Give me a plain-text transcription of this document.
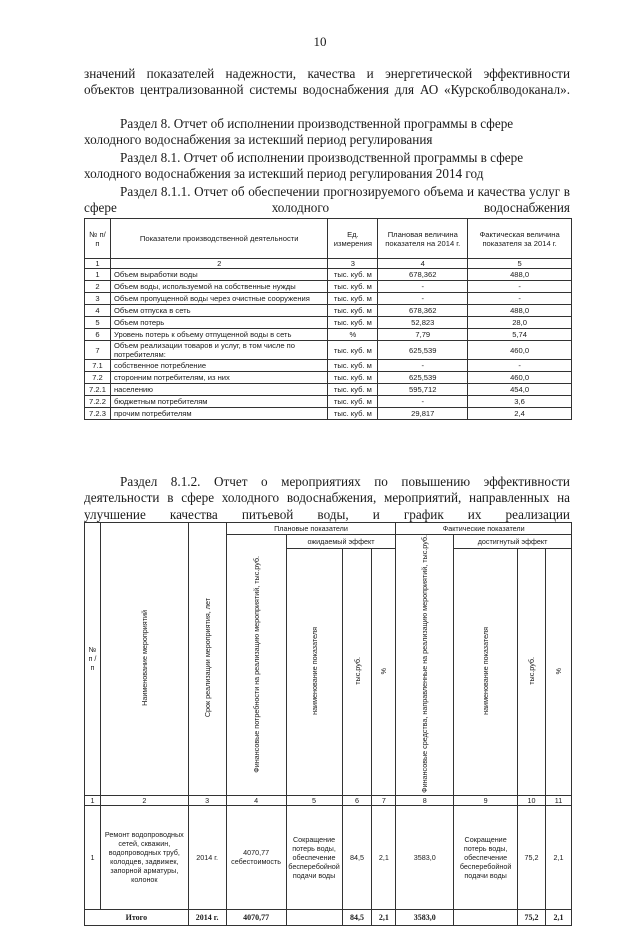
10

значений показателей надежности, качества и энергетической эффективности объектов централизованной системы водоснабжения для АО «Курскоблводоканал».

Раздел 8. Отчет об исполнении производственной программы в сфере холодного водоснабжения за истекший период регулирования

Раздел 8.1. Отчет об исполнении производственной программы в сфере холодного водоснабжения за истекший период регулирования 2014 год

Раздел 8.1.1. Отчет об обеспечении прогнозируемого объема и качества услуг в сфере холодного водоснабжения

№ п/п	Показатели производственной деятельности	Ед. измерения	Плановая величина показателя на 2014 г.	Фактическая величина показателя за 2014 г.
1	2	3	4	5
1	Объем выработки воды	тыс. куб. м	678,362	488,0
2	Объем воды, используемой на собственные нужды	тыс. куб. м	-	-
3	Объем пропущенной воды через очистные сооружения	тыс. куб. м	-	-
4	Объем отпуска в сеть	тыс. куб. м	678,362	488,0
5	Объем потерь	тыс. куб. м	52,823	28,0
6	Уровень потерь к объему отпущенной воды в сеть	%	7,79	5,74
7	Объем реализации товаров и услуг, в том числе по потребителям:	тыс. куб. м	625,539	460,0
7.1	собственное потребление	тыс. куб. м	-	-
7.2	сторонним потребителям, из них	тыс. куб. м	625,539	460,0
7.2.1	населению	тыс. куб. м	595,712	454,0
7.2.2	бюджетным потребителям	тыс. куб. м	-	3,6
7.2.3	прочим потребителям	тыс. куб. м	29,817	2,4

Раздел 8.1.2. Отчет о мероприятиях по повышению эффективности деятельности в сфере холодного водоснабжения, мероприятий, направленных на улучшение качества питьевой воды, и график их реализации

№ п / п	Наименование мероприятий	Срок реализации мероприятия, лет	Плановые показатели				Фактические показатели			
			Финансовые потребности на реализацию мероприятий, тыс.руб.	ожидаемый эффект			Финансовые средства, направленные на реализацию мероприятий, тыс.руб.	достигнутый эффект		
				наименование показателя	тыс.руб.	%		наименование показателя	тыс.руб.	%
1	2	3	4	5	6	7	8	9	10	11
1	Ремонт водопроводных сетей, скважин, водопроводных труб, колодцев, задвижек, запорной арматуры, колонок	2014 г.	4070,77 себестоимость	Сокращение потерь воды, обеспечение бесперебойной подачи воды	84,5	2,1	3583,0	Сокращение потерь воды, обеспечение бесперебойной подачи воды	75,2	2,1
Итого		2014 г.	4070,77		84,5	2,1	3583,0		75,2	2,1
